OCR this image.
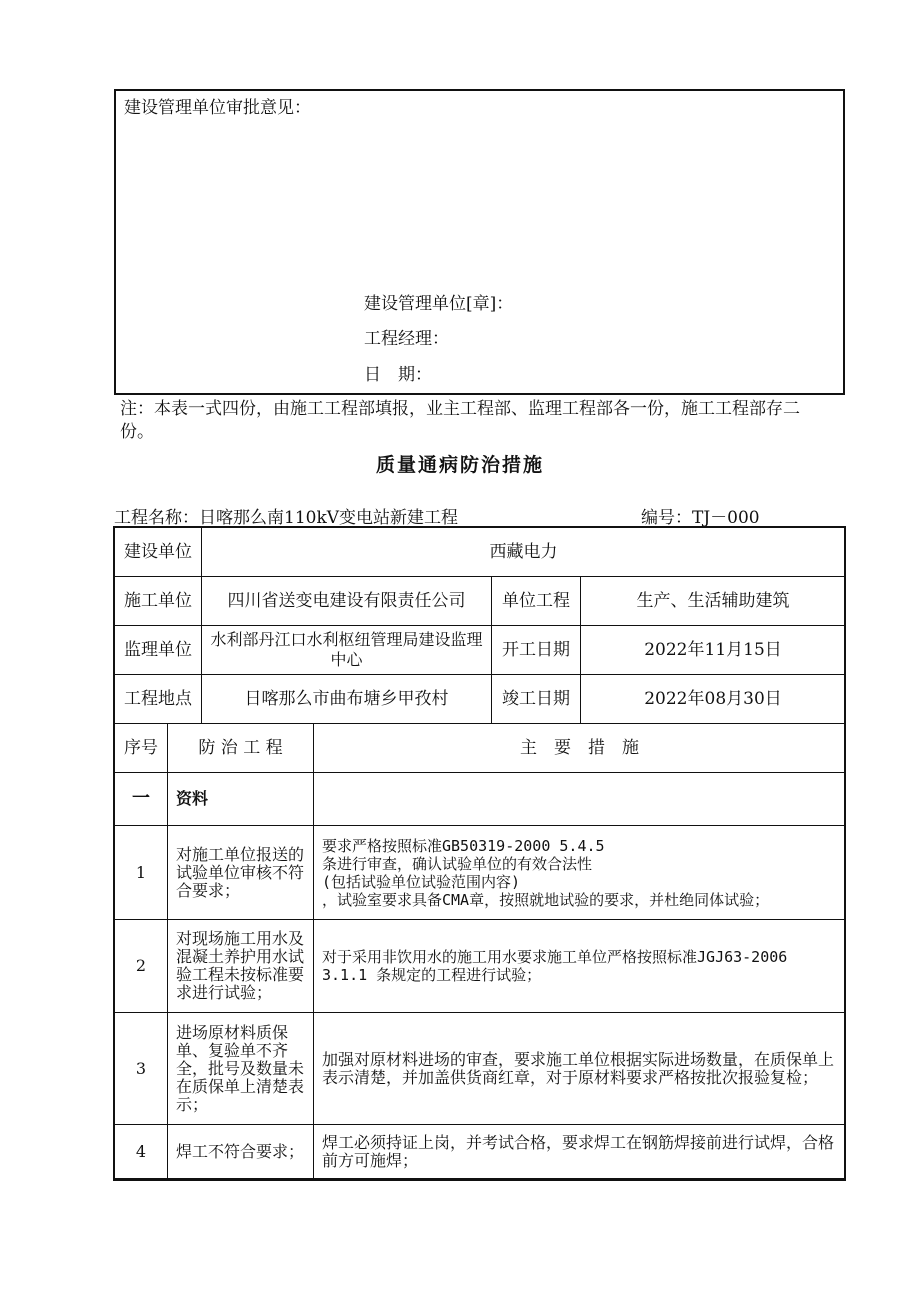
建设管理单位审批意见：
建设管理单位[章]：
工程经理：
日　期：
注：本表一式四份，由施工工程部填报，业主工程部、监理工程部各一份，施工工程部存二份。
质量通病防治措施
工程名称：日喀那么南110kV变电站新建工程	编号：TJ－000
建设单位	西藏电力		
施工单位	四川省送变电建设有限责任公司	单位工程	生产、生活辅助建筑
监理单位	水利部丹江口水利枢纽管理局建设监理中心	开工日期	2022年11月15日
工程地点	日喀那么市曲布塘乡甲孜村	竣工日期	2022年08月30日
序号	防 治 工 程	主　要　措　施
一	资料	
1	对施工单位报送的试验单位审核不符合要求；	要求严格按照标准GB50319-2000 5.4.5
条进行审查，确认试验单位的有效合法性
(包括试验单位试验范围内容)
，试验室要求具备CMA章，按照就地试验的要求，并杜绝同体试验；

2	对现场施工用水及混凝土养护用水试验工程未按标准要求进行试验；	对于采用非饮用水的施工用水要求施工单位严格按照标准JGJ63-2006 3.1.1 条规定的工程进行试验；
3	进场原材料质保单、复验单不齐全，批号及数量未在质保单上清楚表示；	加强对原材料进场的审查，要求施工单位根据实际进场数量，在质保单上表示清楚，并加盖供货商红章，对于原材料要求严格按批次报验复检；
4	焊工不符合要求；	焊工必须持证上岗，并考试合格，要求焊工在钢筋焊接前进行试焊，合格前方可施焊；
